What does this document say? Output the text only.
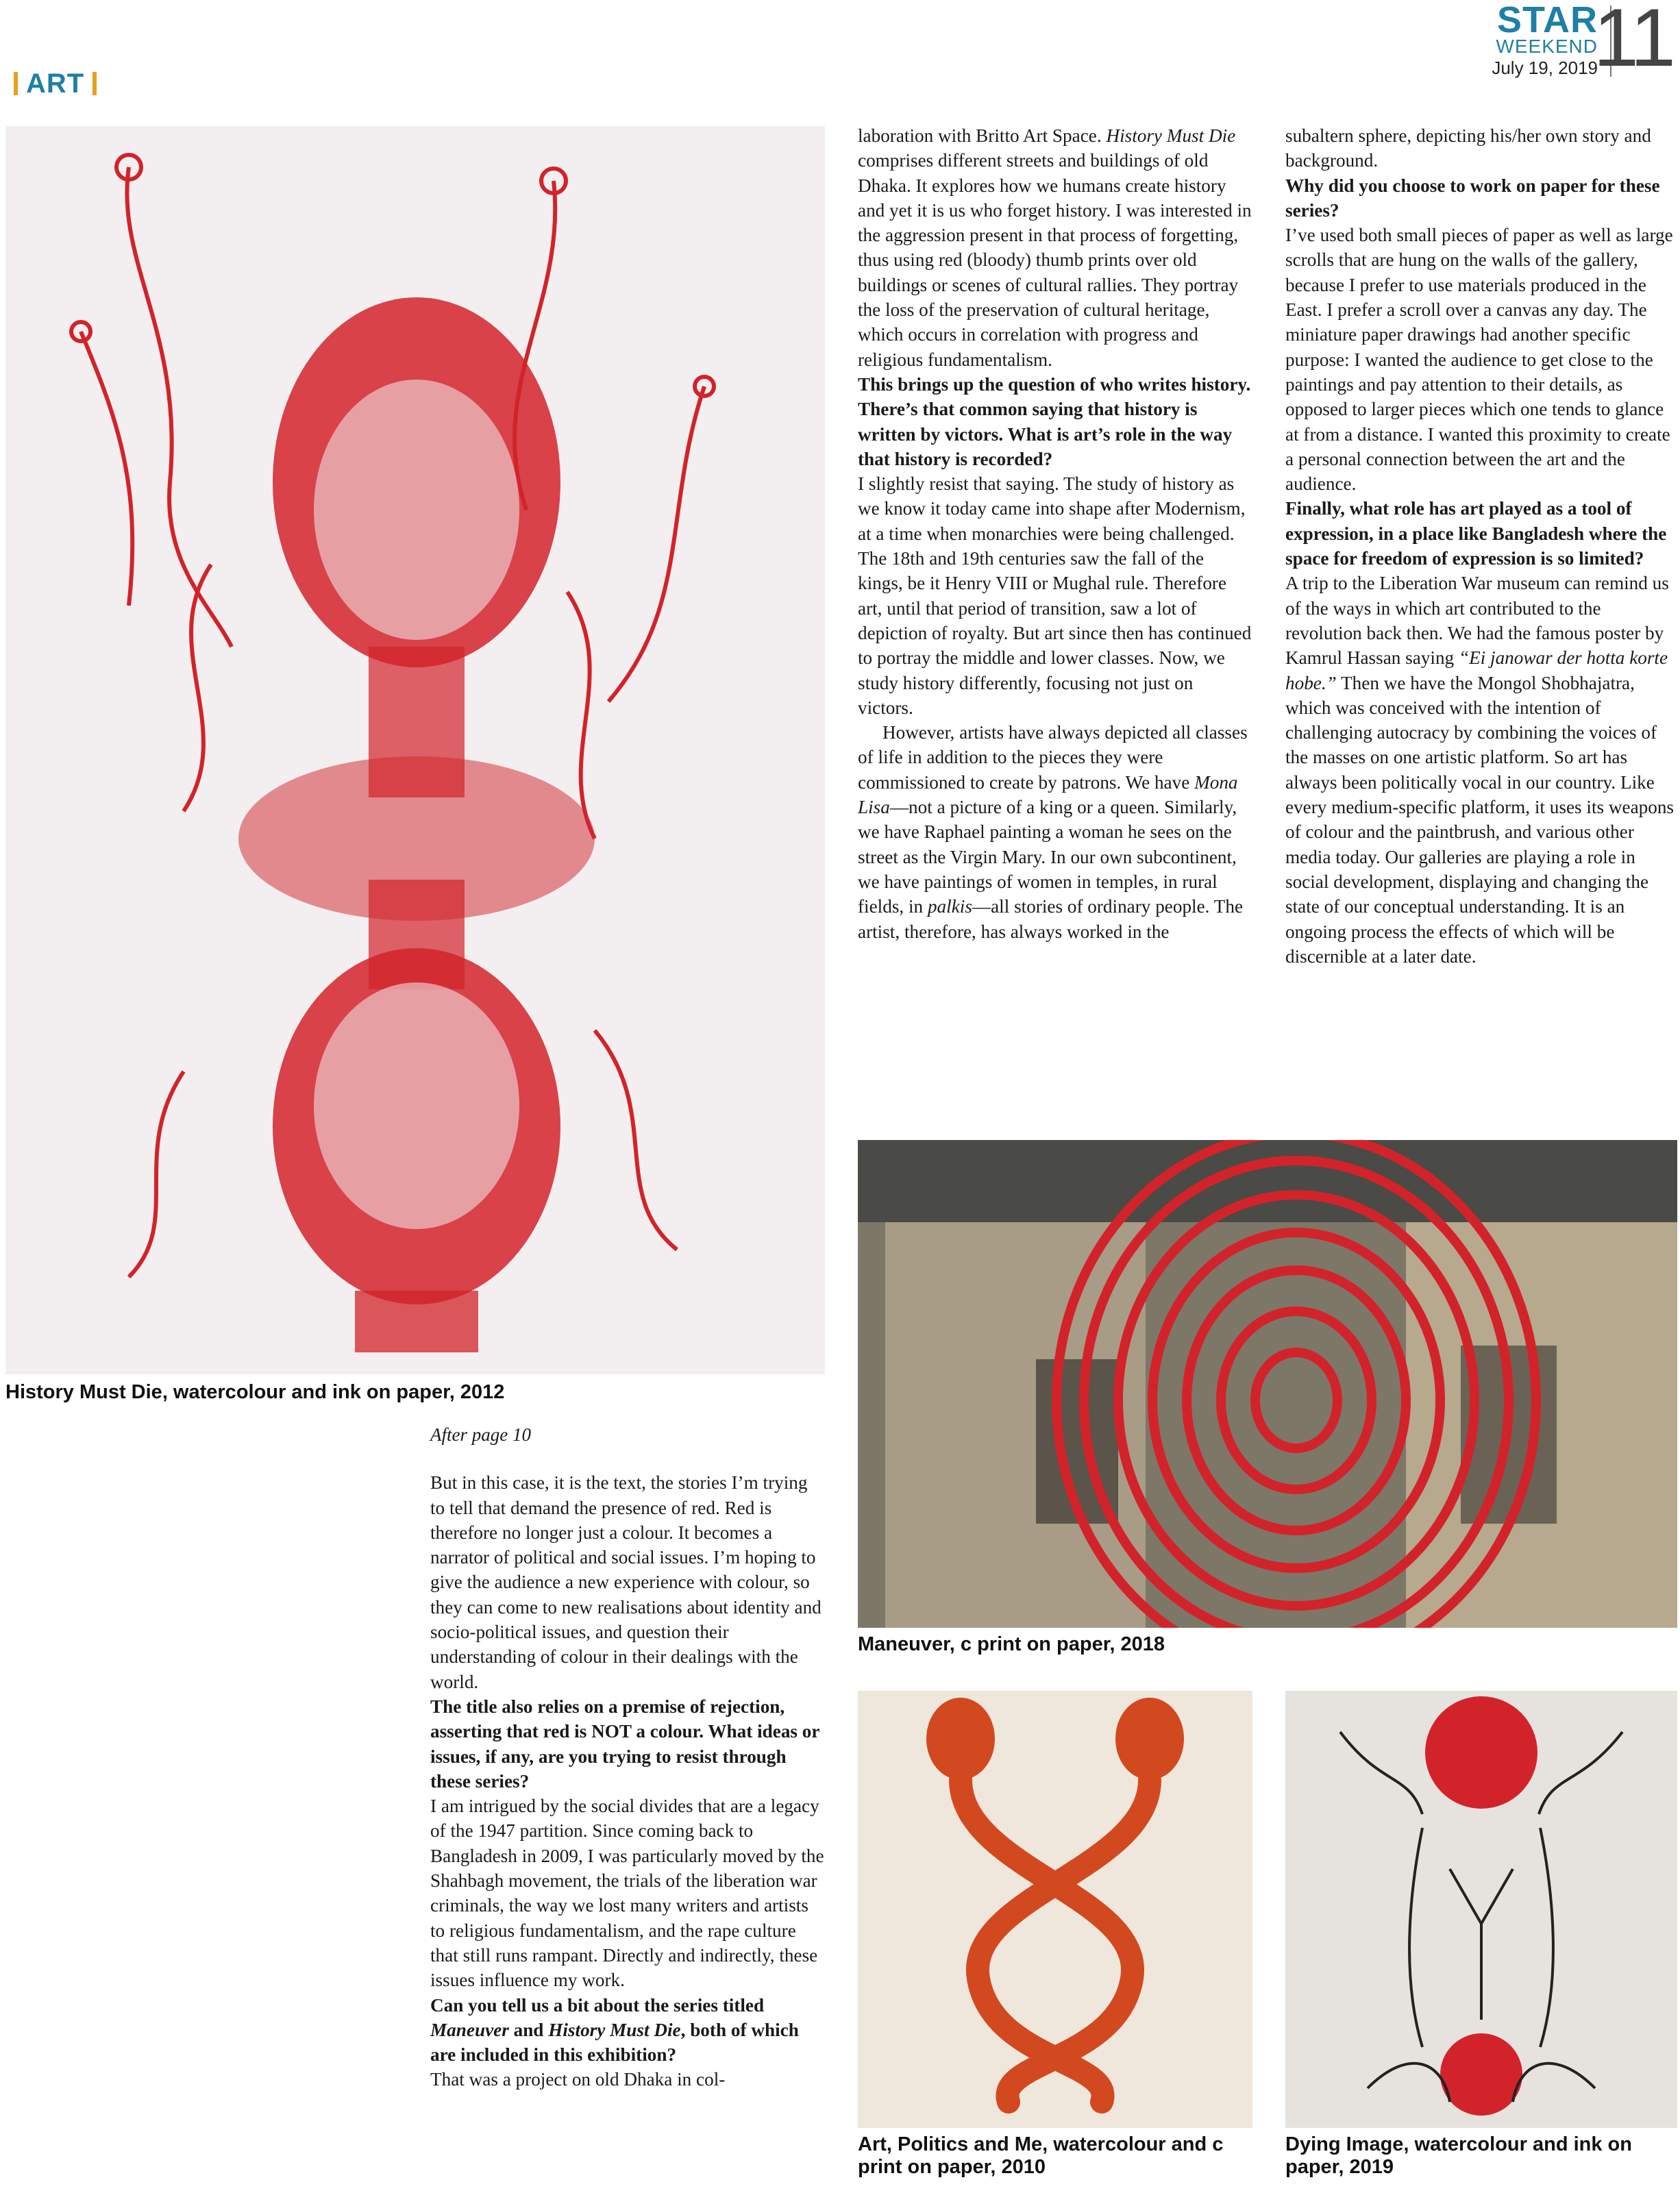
ART
STAR
WEEKEND
July 19, 2019
11
History Must Die, watercolour and ink on paper, 2012
Maneuver, c print on paper, 2018
Art, Politics and Me, watercolour and c print on paper, 2010
Dying Image, watercolour and ink on paper, 2019

After page 10

But in this case, it is the text, the stories I’m trying to tell that demand the presence of red. Red is therefore no longer just a colour. It becomes a narrator of political and social issues. I’m hoping to give the audience a new experience with colour, so they can come to new realisations about identity and socio-political issues, and question their understanding of colour in their dealings with the world.

The title also relies on a premise of rejection, asserting that red is NOT a colour. What ideas or issues, if any, are you trying to resist through these series?

I am intrigued by the social divides that are a legacy of the 1947 partition. Since coming back to Bangladesh in 2009, I was particularly moved by the Shahbagh movement, the trials of the liberation war criminals, the way we lost many writers and artists to religious fundamentalism, and the rape culture that still runs rampant. Directly and indirectly, these issues influence my work.

Can you tell us a bit about the series titled Maneuver and History Must Die, both of which are included in this exhibition?

That was a project on old Dhaka in col-

laboration with Britto Art Space. History Must Die comprises different streets and buildings of old Dhaka. It explores how we humans create history and yet it is us who forget history. I was interested in the aggression present in that process of forgetting, thus using red (bloody) thumb prints over old buildings or scenes of cultural rallies. They portray the loss of the preservation of cultural heritage, which occurs in correlation with progress and religious fundamentalism.

This brings up the question of who writes history. There’s that common saying that history is written by victors. What is art’s role in the way that history is recorded?

I slightly resist that saying. The study of history as we know it today came into shape after Modernism, at a time when monarchies were being challenged. The 18th and 19th centuries saw the fall of the kings, be it Henry VIII or Mughal rule. Therefore art, until that period of transition, saw a lot of depiction of royalty. But art since then has continued to portray the middle and lower classes. Now, we study history differently, focusing not just on victors.

However, artists have always depicted all classes of life in addition to the pieces they were commissioned to create by patrons. We have Mona Lisa—not a picture of a king or a queen. Similarly, we have Raphael painting a woman he sees on the street as the Virgin Mary. In our own subcontinent, we have paintings of women in temples, in rural fields, in palkis—all stories of ordinary people. The artist, therefore, has always worked in the

subaltern sphere, depicting his/her own story and background.

Why did you choose to work on paper for these series?

I’ve used both small pieces of paper as well as large scrolls that are hung on the walls of the gallery, because I prefer to use materials produced in the East. I prefer a scroll over a canvas any day. The miniature paper drawings had another specific purpose: I wanted the audience to get close to the paintings and pay attention to their details, as opposed to larger pieces which one tends to glance at from a distance. I wanted this proximity to create a personal connection between the art and the audience.

Finally, what role has art played as a tool of expression, in a place like Bangladesh where the space for freedom of expression is so limited?

A trip to the Liberation War museum can remind us of the ways in which art contributed to the revolution back then. We had the famous poster by Kamrul Hassan saying “Ei janowar der hotta korte hobe.” Then we have the Mongol Shobhajatra, which was conceived with the intention of challenging autocracy by combining the voices of the masses on one artistic platform. So art has always been politically vocal in our country. Like every medium-specific platform, it uses its weapons of colour and the paintbrush, and various other media today. Our galleries are playing a role in social development, displaying and changing the state of our conceptual understanding. It is an ongoing process the effects of which will be discernible at a later date.
